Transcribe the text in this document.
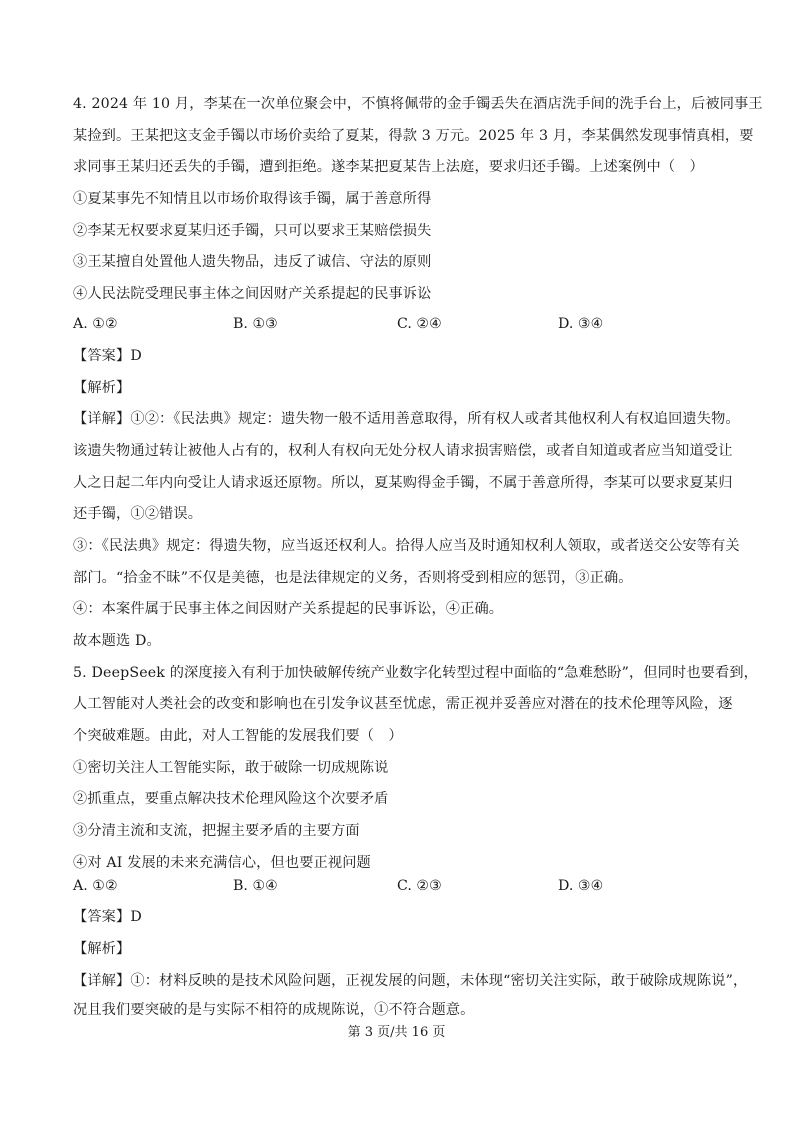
4. 2024 年 10 月，李某在一次单位聚会中，不慎将佩带的金手镯丢失在酒店洗手间的洗手台上，后被同事王
某捡到。王某把这支金手镯以市场价卖给了夏某，得款 3 万元。2025 年 3 月，李某偶然发现事情真相，要
求同事王某归还丢失的手镯，遭到拒绝。遂李某把夏某告上法庭，要求归还手镯。上述案例中（　）
①夏某事先不知情且以市场价取得该手镯，属于善意所得
②李某无权要求夏某归还手镯，只可以要求王某赔偿损失
③王某擅自处置他人遗失物品，违反了诚信、守法的原则
④人民法院受理民事主体之间因财产关系提起的民事诉讼
A. ①②	B. ①③	C. ②④	D. ③④
【答案】D
【解析】
【详解】①②：《民法典》规定：遗失物一般不适用善意取得，所有权人或者其他权利人有权追回遗失物。
该遗失物通过转让被他人占有的，权利人有权向无处分权人请求损害赔偿，或者自知道或者应当知道受让
人之日起二年内向受让人请求返还原物。所以，夏某购得金手镯，不属于善意所得，李某可以要求夏某归
还手镯，①②错误。
③：《民法典》规定：得遗失物，应当返还权利人。拾得人应当及时通知权利人领取，或者送交公安等有关
部门。“拾金不昧”不仅是美德，也是法律规定的义务，否则将受到相应的惩罚，③正确。
④：本案件属于民事主体之间因财产关系提起的民事诉讼，④正确。
故本题选 D。
5. DeepSeek 的深度接入有利于加快破解传统产业数字化转型过程中面临的“急难愁盼”，但同时也要看到，
人工智能对人类社会的改变和影响也在引发争议甚至忧虑，需正视并妥善应对潜在的技术伦理等风险，逐
个突破难题。由此，对人工智能的发展我们要（　）
①密切关注人工智能实际，敢于破除一切成规陈说
②抓重点，要重点解决技术伦理风险这个次要矛盾
③分清主流和支流，把握主要矛盾的主要方面
④对 AI 发展的未来充满信心，但也要正视问题
A. ①②	B. ①④	C. ②③	D. ③④
【答案】D
【解析】
【详解】①：材料反映的是技术风险问题，正视发展的问题，未体现“密切关注实际，敢于破除成规陈说”，
况且我们要突破的是与实际不相符的成规陈说，①不符合题意。
第 3 页/共 16 页
